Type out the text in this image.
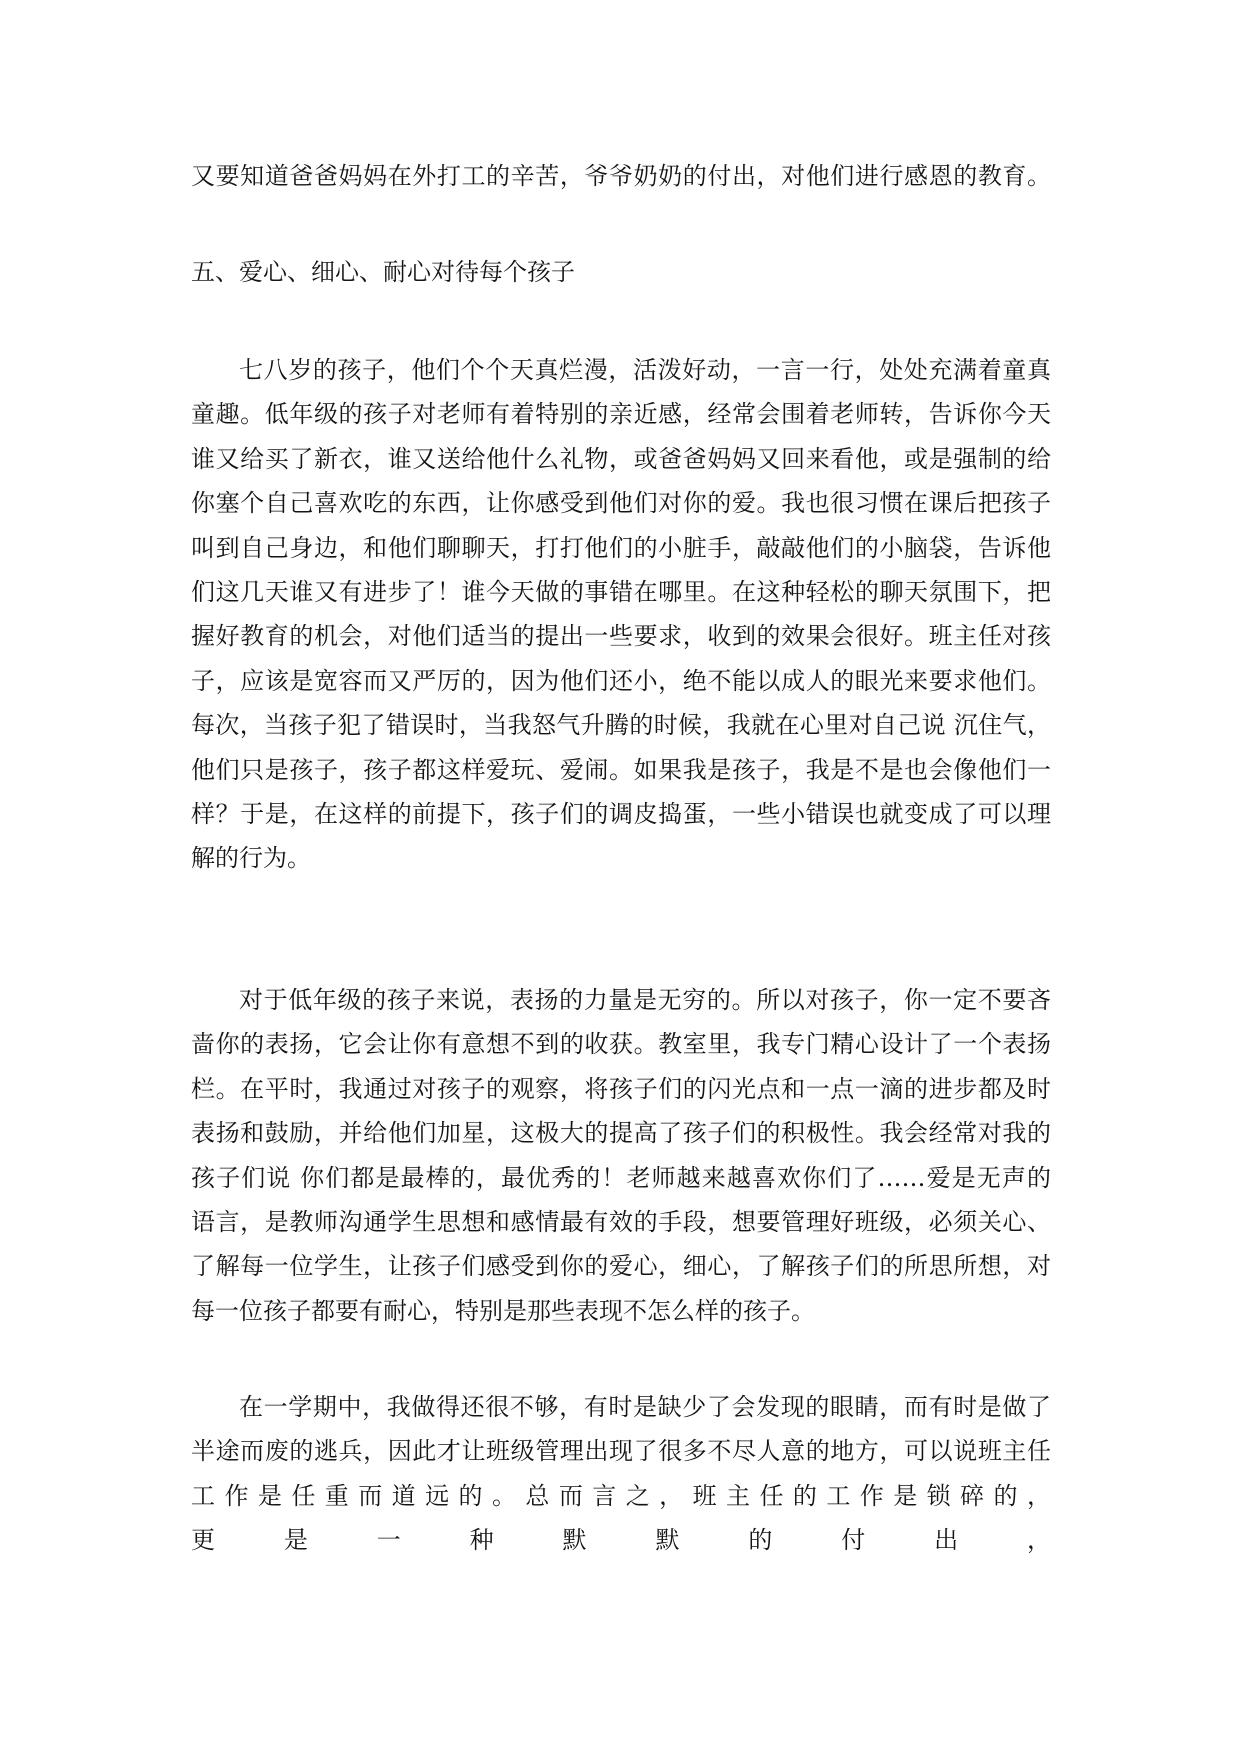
又要知道爸爸妈妈在外打工的辛苦，爷爷奶奶的付出，对他们进行感恩的教育。
五、爱心、细心、耐心对待每个孩子
七八岁的孩子，他们个个天真烂漫，活泼好动，一言一行，处处充满着童真
童趣。低年级的孩子对老师有着特别的亲近感，经常会围着老师转，告诉你今天
谁又给买了新衣，谁又送给他什么礼物，或爸爸妈妈又回来看他，或是强制的给
你塞个自己喜欢吃的东西，让你感受到他们对你的爱。我也很习惯在课后把孩子
叫到自己身边，和他们聊聊天，打打他们的小脏手，敲敲他们的小脑袋，告诉他
们这几天谁又有进步了！谁今天做的事错在哪里。在这种轻松的聊天氛围下，把
握好教育的机会，对他们适当的提出一些要求，收到的效果会很好。班主任对孩
子，应该是宽容而又严厉的，因为他们还小，绝不能以成人的眼光来要求他们。
每次，当孩子犯了错误时，当我怒气升腾的时候，我就在心里对自己说 沉住气，
他们只是孩子，孩子都这样爱玩、爱闹。如果我是孩子，我是不是也会像他们一
样？于是，在这样的前提下，孩子们的调皮捣蛋，一些小错误也就变成了可以理
解的行为。
对于低年级的孩子来说，表扬的力量是无穷的。所以对孩子，你一定不要吝
啬你的表扬，它会让你有意想不到的收获。教室里，我专门精心设计了一个表扬
栏。在平时，我通过对孩子的观察，将孩子们的闪光点和一点一滴的进步都及时
表扬和鼓励，并给他们加星，这极大的提高了孩子们的积极性。我会经常对我的
孩子们说 你们都是最棒的，最优秀的！老师越来越喜欢你们了……爱是无声的
语言，是教师沟通学生思想和感情最有效的手段，想要管理好班级，必须关心、
了解每一位学生，让孩子们感受到你的爱心，细心，了解孩子们的所思所想，对
每一位孩子都要有耐心，特别是那些表现不怎么样的孩子。
在一学期中，我做得还很不够，有时是缺少了会发现的眼睛，而有时是做了
半途而废的逃兵，因此才让班级管理出现了很多不尽人意的地方，可以说班主任
工作是任重而道远的。总而言之，班主任的工作是锁碎的，更是一种默默的付出，
